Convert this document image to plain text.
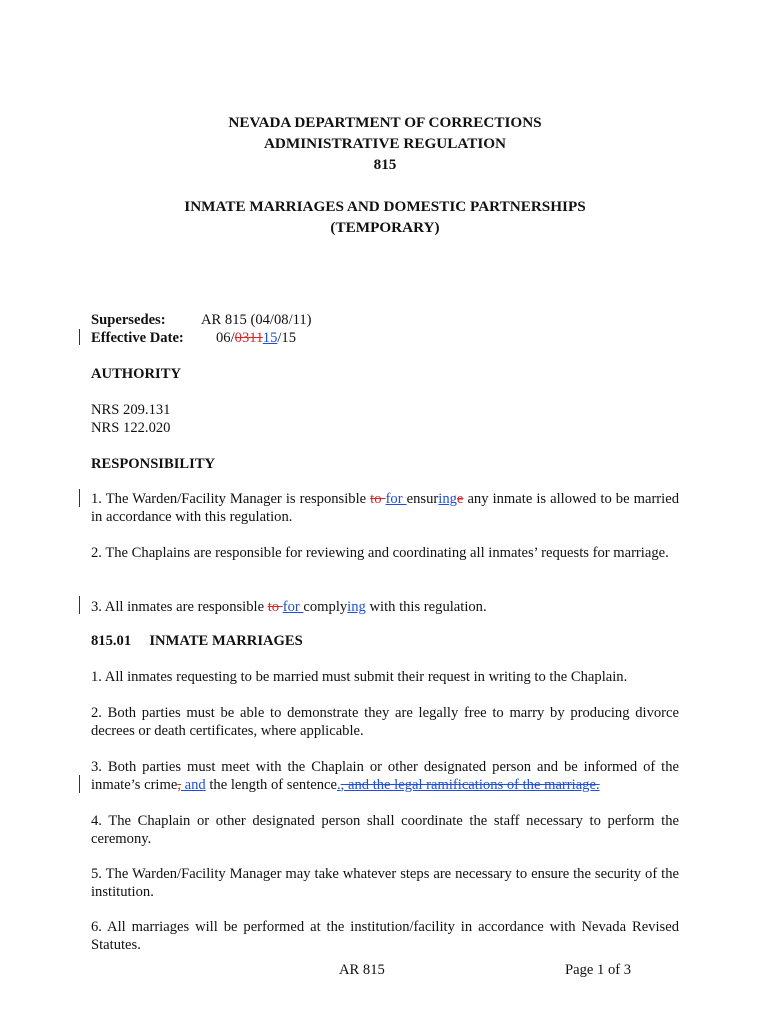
NEVADA DEPARTMENT OF CORRECTIONS
ADMINISTRATIVE REGULATION
815
INMATE MARRIAGES AND DOMESTIC PARTNERSHIPS
(TEMPORARY)
Supersedes: AR 815 (04/08/11)
Effective Date: 06/031115/15
AUTHORITY
NRS 209.131
NRS 122.020
RESPONSIBILITY
1. The Warden/Facility Manager is responsible to for ensuringe any inmate is allowed to be married in accordance with this regulation.
2. The Chaplains are responsible for reviewing and coordinating all inmates’ requests for marriage.
3. All inmates are responsible to for complying with this regulation.
815.01     INMATE MARRIAGES
1. All inmates requesting to be married must submit their request in writing to the Chaplain.
2. Both parties must be able to demonstrate they are legally free to marry by producing divorce decrees or death certificates, where applicable.
3. Both parties must meet with the Chaplain or other designated person and be informed of the inmate’s crime, and the length of sentence., and the legal ramifications of the marriage.
4. The Chaplain or other designated person shall coordinate the staff necessary to perform the ceremony.
5. The Warden/Facility Manager may take whatever steps are necessary to ensure the security of the institution.
6. All marriages will be performed at the institution/facility in accordance with Nevada Revised Statutes.
AR 815	Page 1 of 3
